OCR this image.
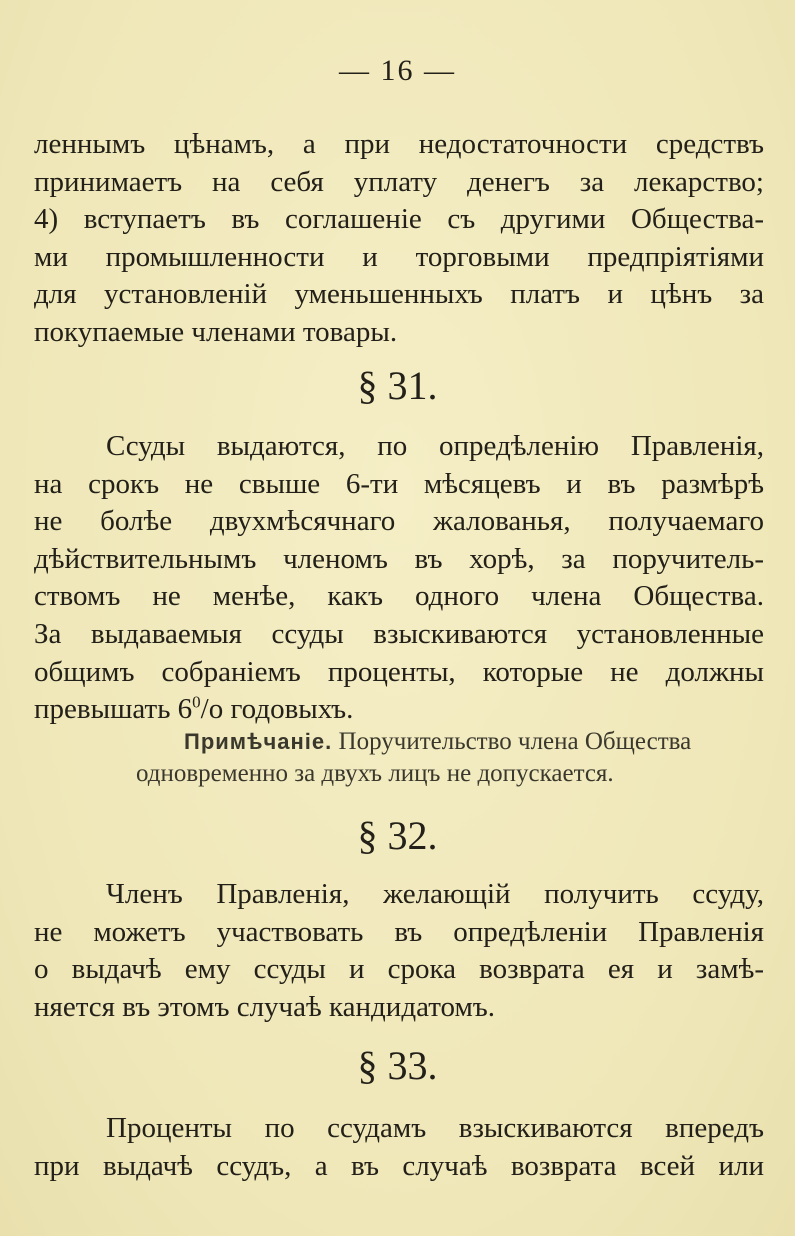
— 16 —
леннымъ цѣнамъ, а при недостаточности средствъ
принимаетъ на себя уплату денегъ за лекарство;
4) вступаетъ въ соглашеніе съ другими Общества-
ми промышленности и торговыми предпріятіями
для установленій уменьшенныхъ платъ и цѣнъ за
покупаемые членами товары.
§ 31.
Ссуды выдаются, по опредѣленію Правленія,
на срокъ не свыше 6-ти мѣсяцевъ и въ размѣрѣ
не болѣе двухмѣсячнаго жалованья, получаемаго
дѣйствительнымъ членомъ въ хорѣ, за поручитель-
ствомъ не менѣе, какъ одного члена Общества.
За выдаваемыя ссуды взыскиваются установленные
общимъ собраніемъ проценты, которые не должны
превышать $6^0/о$ годовыхъ.
Примѣчаніе. Поручительство члена Общества
одновременно за двухъ лицъ не допускается.
§ 32.
Членъ Правленія, желающій получить ссуду,
не можетъ участвовать въ опредѣленіи Правленія
о выдачѣ ему ссуды и срока возврата ея и замѣ-
няется въ этомъ случаѣ кандидатомъ.
§ 33.
Проценты по ссудамъ взыскиваются впередъ
при выдачѣ ссудъ, а въ случаѣ возврата всей или
